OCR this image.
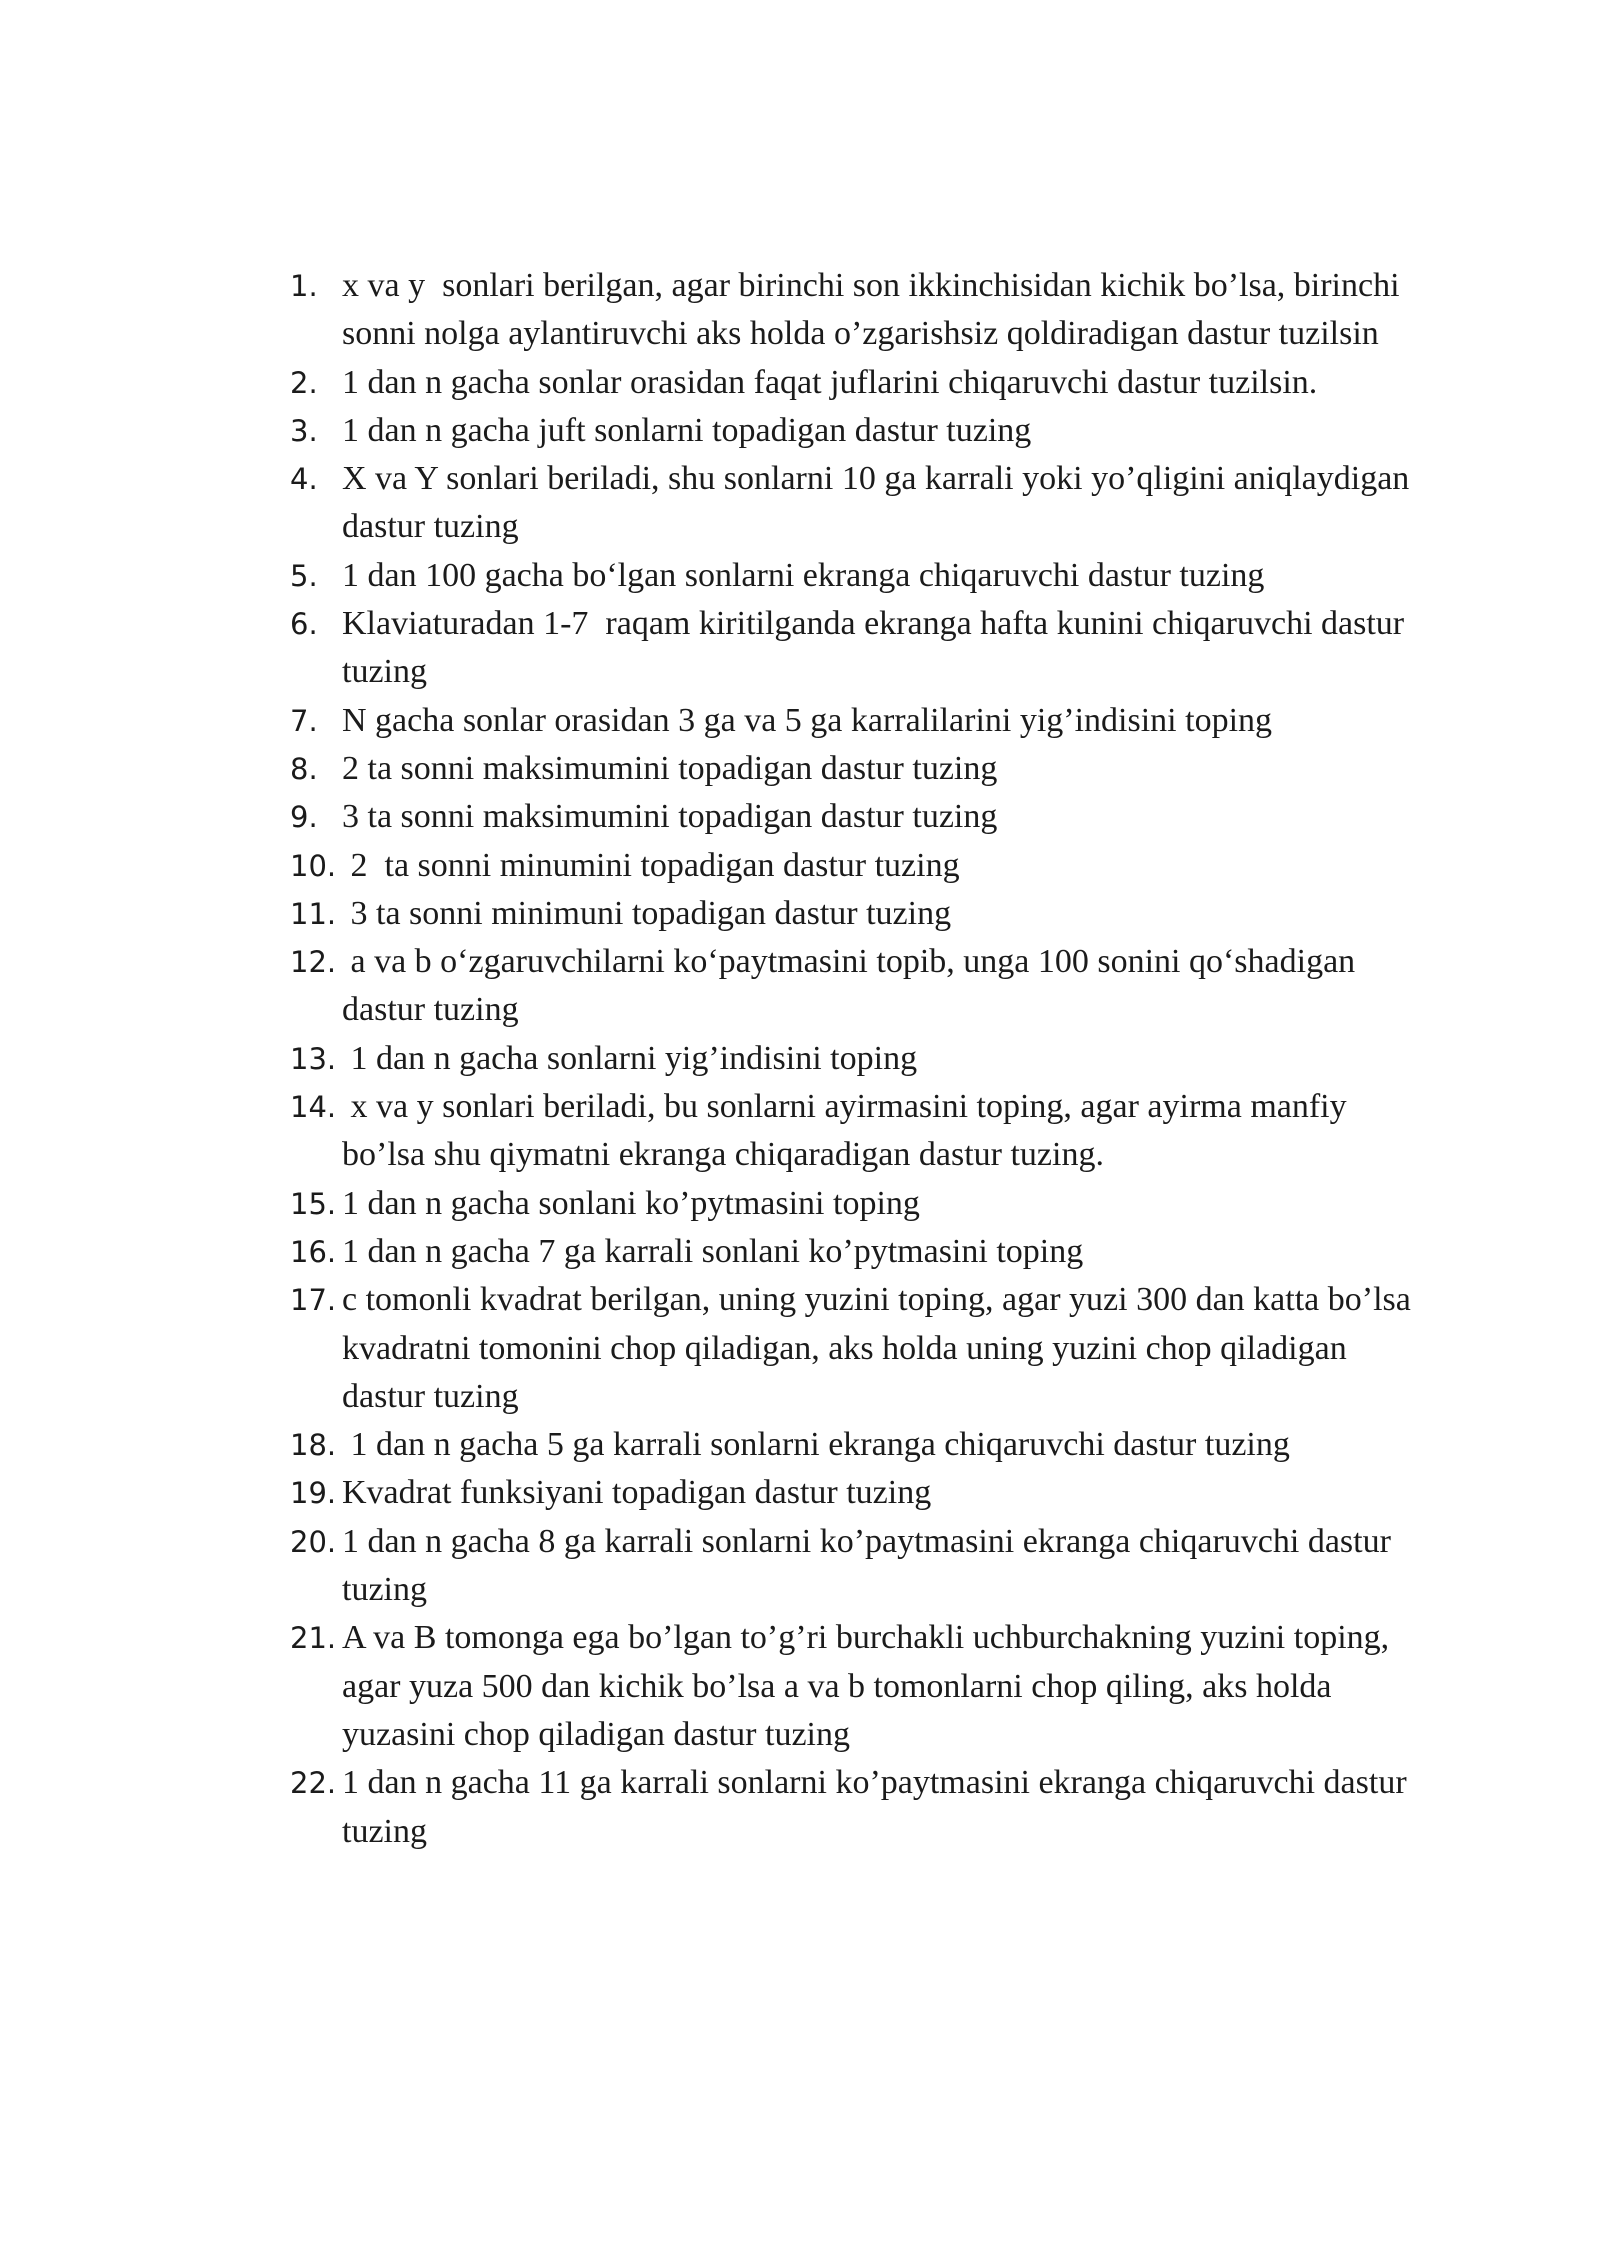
1. x va y  sonlari berilgan, agar birinchi son ikkinchisidan kichik bo’lsa, birinchi sonni nolga aylantiruvchi aks holda o’zgarishsiz qoldiradigan dastur tuzilsin
2. 1 dan n gacha sonlar orasidan faqat juflarini chiqaruvchi dastur tuzilsin.
3. 1 dan n gacha juft sonlarni topadigan dastur tuzing
4. X va Y sonlari beriladi, shu sonlarni 10 ga karrali yoki yo’qligini aniqlaydigan dastur tuzing
5. 1 dan 100 gacha bo‘lgan sonlarni ekranga chiqaruvchi dastur tuzing
6. Klaviaturadan 1-7  raqam kiritilganda ekranga hafta kunini chiqaruvchi dastur tuzing
7. N gacha sonlar orasidan 3 ga va 5 ga karralilarini yig’indisini toping
8. 2 ta sonni maksimumini topadigan dastur tuzing
9. 3 ta sonni maksimumini topadigan dastur tuzing
10. 2  ta sonni minumini topadigan dastur tuzing
11. 3 ta sonni minimuni topadigan dastur tuzing
12. a va b o‘zgaruvchilarni ko‘paytmasini topib, unga 100 sonini qo‘shadigan dastur tuzing
13. 1 dan n gacha sonlarni yig’indisini toping
14. x va y sonlari beriladi, bu sonlarni ayirmasini toping, agar ayirma manfiy bo’lsa shu qiymatni ekranga chiqaradigan dastur tuzing.
15. 1 dan n gacha sonlani ko’pytmasini toping
16. 1 dan n gacha 7 ga karrali sonlani ko’pytmasini toping
17. c tomonli kvadrat berilgan, uning yuzini toping, agar yuzi 300 dan katta bo’lsa kvadratni tomonini chop qiladigan, aks holda uning yuzini chop qiladigan dastur tuzing
18. 1 dan n gacha 5 ga karrali sonlarni ekranga chiqaruvchi dastur tuzing
19. Kvadrat funksiyani topadigan dastur tuzing
20. 1 dan n gacha 8 ga karrali sonlarni ko’paytmasini ekranga chiqaruvchi dastur tuzing
21. A va B tomonga ega bo’lgan to’g’ri burchakli uchburchakning yuzini toping, agar yuza 500 dan kichik bo’lsa a va b tomonlarni chop qiling, aks holda yuzasini chop qiladigan dastur tuzing
22. 1 dan n gacha 11 ga karrali sonlarni ko’paytmasini ekranga chiqaruvchi dastur tuzing
